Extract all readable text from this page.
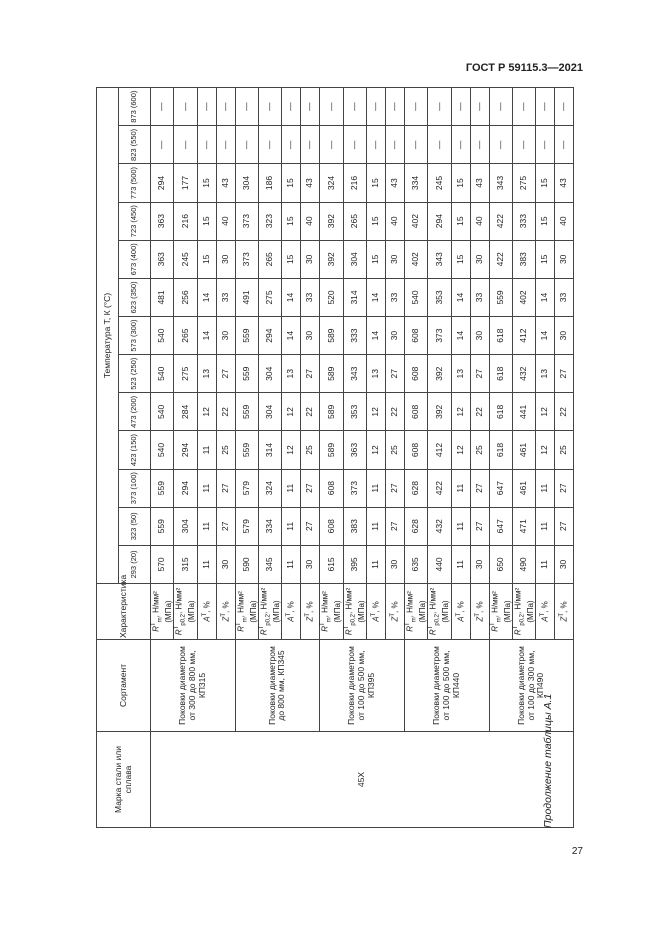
ГОСТ Р 59115.3—2021
Марка стали или сплава	Сортамент	Характеристика	Температура T, К (°C)												
			293 (20)	323 (50)	373 (100)	423 (150)	473 (200)	523 (250)	573 (300)	623 (350)	673 (400)	723 (450)	773 (500)	823 (550)	873 (600)
45Х	Поковки диаметром от 300 до 800 мм, КП315	$R^T_m$, Н/мм² (МПа)	570	559	559	540	540	540	540	481	363	363	294	—	—
		$R^T_{p0,2}$, Н/мм² (МПа)	315	304	294	294	284	275	265	256	245	216	177	—	—
		$A^T$, %	11	11	11	11	12	13	14	14	15	15	15	—	—
		$Z^T$, %	30	27	27	25	22	27	30	33	30	40	43	—	—
	Поковки диаметром до 800 мм, КП345	$R^T_m$, Н/мм² (МПа)	590	579	579	559	559	559	559	491	373	373	304	—	—
		$R^T_{p0,2}$, Н/мм² (МПа)	345	334	324	314	304	304	294	275	265	323	186	—	—
		$A^T$, %	11	11	11	12	12	13	14	14	15	15	15	—	—
		$Z^T$, %	30	27	27	25	22	27	30	33	30	40	43	—	—
	Поковки диаметром от 100 до 500 мм, КП395	$R^T_m$, Н/мм² (МПа)	615	608	608	589	589	589	589	520	392	392	324	—	—
		$R^T_{p0,2}$, Н/мм² (МПа)	395	383	373	363	353	343	333	314	304	265	216	—	—
		$A^T$, %	11	11	11	12	12	13	14	14	15	15	15	—	—
		$Z^T$, %	30	27	27	25	22	27	30	33	30	40	43	—	—
	Поковки диаметром от 100 до 500 мм, КП440	$R^T_m$, Н/мм² (МПа)	635	628	628	608	608	608	608	540	402	402	334	—	—
		$R^T_{p0,2}$, Н/мм² (МПа)	440	432	422	412	392	392	373	353	343	294	245	—	—
		$A^T$, %	11	11	11	12	12	13	14	14	15	15	15	—	—
		$Z^T$, %	30	27	27	25	22	27	30	33	30	40	43	—	—
	Поковки диаметром от 100 до 300 мм, КП490	$R^T_m$, Н/мм² (МПа)	650	647	647	618	618	618	618	559	422	422	343	—	—
		$R^T_{p0,2}$, Н/мм² (МПа)	490	471	461	461	441	432	412	402	383	333	275	—	—
		$A^T$, %	11	11	11	12	12	13	14	14	15	15	15	—	—
		$Z^T$, %	30	27	27	25	22	27	30	33	30	40	43	—	—
Продолжение таблицы А.1
27
